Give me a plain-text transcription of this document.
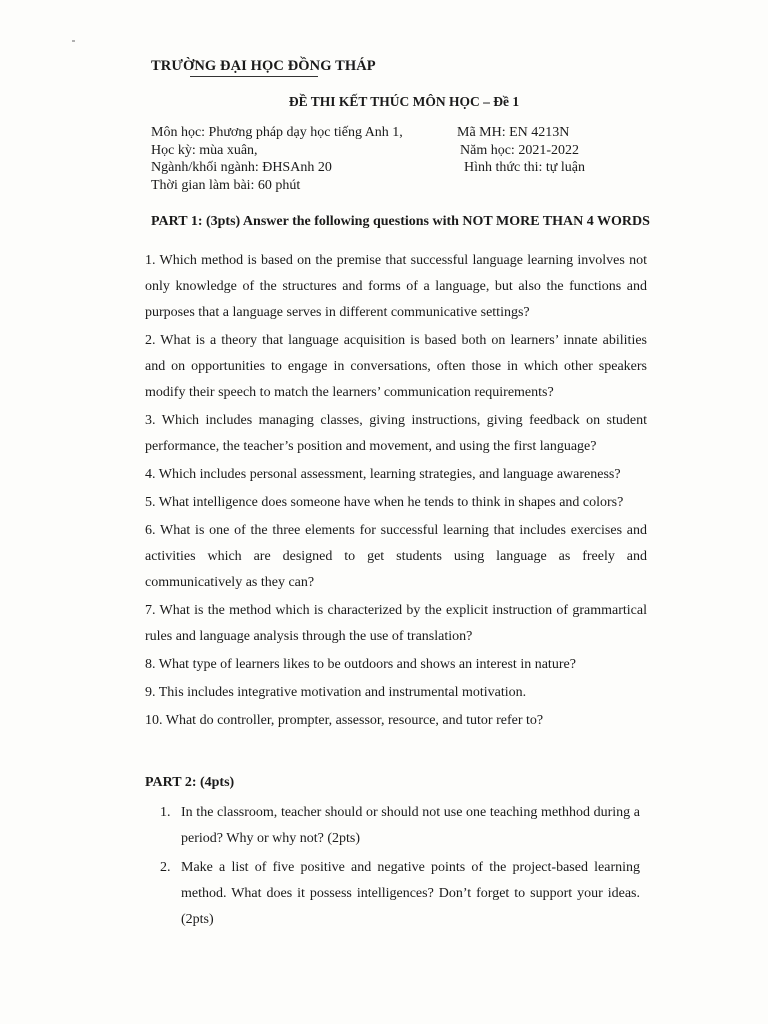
TRƯỜNG ĐẠI HỌC ĐỒNG THÁP
ĐỀ THI KẾT THÚC MÔN HỌC – Đề 1
Môn học: Phương pháp dạy học tiếng Anh 1,
Học kỳ: mùa xuân,
Ngành/khối ngành: ĐHSAnh 20
Thời gian làm bài: 60 phút
Mã MH: EN 4213N
Năm học: 2021-2022
Hình thức thi: tự luận
PART 1: (3pts) Answer the following questions with NOT MORE THAN 4 WORDS
1. Which method is based on the premise that successful language learning involves not only knowledge of the structures and forms of a language, but also the functions and purposes that a language serves in different communicative settings?
2. What is a theory that language acquisition is based both on learners’ innate abilities and on opportunities to engage in conversations, often those in which other speakers modify their speech to match the learners’ communication requirements?
3. Which includes managing classes, giving instructions, giving feedback on student performance, the teacher’s position and movement, and using the first language?
4. Which includes personal assessment, learning strategies, and language awareness?
5. What intelligence does someone have when he tends to think in shapes and colors?
6. What is one of the three elements for successful learning that includes exercises and activities which are designed to get students using language as freely and communicatively as they can?
7. What is the method which is characterized by the explicit instruction of grammartical rules and language analysis through the use of translation?
8. What type of learners likes to be outdoors and shows an interest in nature?
9. This includes integrative motivation and instrumental motivation.
10. What do controller, prompter, assessor, resource, and tutor refer to?
PART 2: (4pts)
1. In the classroom, teacher should or should not use one teaching methhod during a period? Why or why not? (2pts)
2. Make a list of five positive and negative points of the project-based learning method. What does it possess intelligences? Don’t forget to support your ideas. (2pts)
